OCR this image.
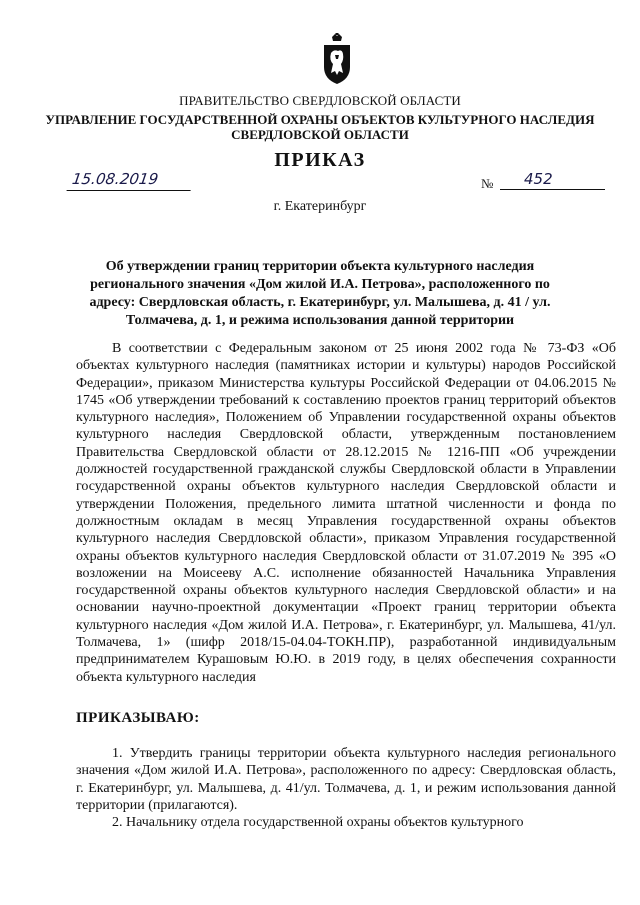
ПРАВИТЕЛЬСТВО СВЕРДЛОВСКОЙ ОБЛАСТИ
УПРАВЛЕНИЕ ГОСУДАРСТВЕННОЙ ОХРАНЫ ОБЪЕКТОВ КУЛЬТУРНОГО НАСЛЕДИЯ СВЕРДЛОВСКОЙ ОБЛАСТИ
ПРИКАЗ
15.08.2019	№	452
г. Екатеринбург
Об утверждении границ территории объекта культурного наследия регионального значения «Дом жилой И.А. Петрова», расположенного по адресу: Свердловская область, г. Екатеринбург, ул. Малышева, д. 41 / ул. Толмачева, д. 1, и режима использования данной территории

В соответствии с Федеральным законом от 25 июня 2002 года № 73-ФЗ «Об объектах культурного наследия (памятниках истории и культуры) народов Российской Федерации», приказом Министерства культуры Российской Федерации от 04.06.2015 № 1745 «Об утверждении требований к составлению проектов границ территорий объектов культурного наследия», Положением об Управлении государственной охраны объектов культурного наследия Свердловской области, утвержденным постановлением Правительства Свердловской области от 28.12.2015 № 1216-ПП «Об учреждении должностей государственной гражданской службы Свердловской области в Управлении государственной охраны объектов культурного наследия Свердловской области и утверждении Положения, предельного лимита штатной численности и фонда по должностным окладам в месяц Управления государственной охраны объектов культурного наследия Свердловской области», приказом Управления государственной охраны объектов культурного наследия Свердловской области от 31.07.2019 № 395 «О возложении на Моисееву А.С. исполнение обязанностей Начальника Управления государственной охраны объектов культурного наследия Свердловской области» и на основании научно-проектной документации «Проект границ территории объекта культурного наследия «Дом жилой И.А. Петрова», г. Екатеринбург, ул. Малышева, 41/ул. Толмачева, 1» (шифр 2018/15-04.04-ТОКН.ПР), разработанной индивидуальным предпринимателем Курашовым Ю.Ю. в 2019 году, в целях обеспечения сохранности объекта культурного наследия

ПРИКАЗЫВАЮ:

1. Утвердить границы территории объекта культурного наследия регионального значения «Дом жилой И.А. Петрова», расположенного по адресу: Свердловская область, г. Екатеринбург, ул. Малышева, д. 41/ул. Толмачева, д. 1, и режим использования данной территории (прилагаются).

2. Начальнику отдела государственной охраны объектов культурного
